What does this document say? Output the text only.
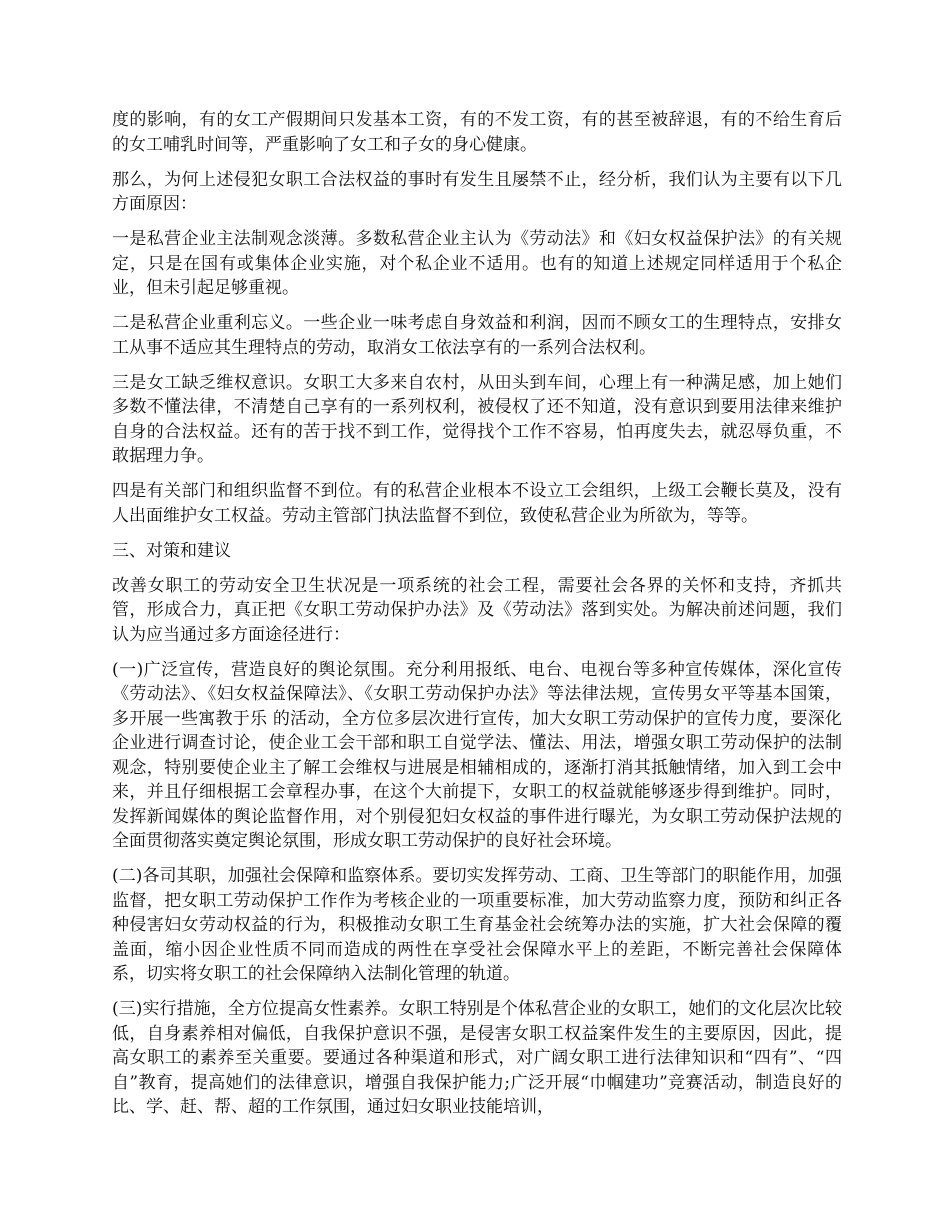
度的影响，有的女工产假期间只发基本工资，有的不发工资，有的甚至被辞退，有的不给生育后的女工哺乳时间等，严重影响了女工和子女的身心健康。

那么，为何上述侵犯女职工合法权益的事时有发生且屡禁不止，经分析，我们认为主要有以下几方面原因：

一是私营企业主法制观念淡薄。多数私营企业主认为《劳动法》和《妇女权益保护法》的有关规定，只是在国有或集体企业实施，对个私企业不适用。也有的知道上述规定同样适用于个私企业，但未引起足够重视。

二是私营企业重利忘义。一些企业一味考虑自身效益和利润，因而不顾女工的生理特点，安排女工从事不适应其生理特点的劳动，取消女工依法享有的一系列合法权利。

三是女工缺乏维权意识。女职工大多来自农村，从田头到车间，心理上有一种满足感，加上她们多数不懂法律，不清楚自己享有的一系列权利，被侵权了还不知道，没有意识到要用法律来维护自身的合法权益。还有的苦于找不到工作，觉得找个工作不容易，怕再度失去，就忍辱负重，不敢据理力争。

四是有关部门和组织监督不到位。有的私营企业根本不设立工会组织，上级工会鞭长莫及，没有人出面维护女工权益。劳动主管部门执法监督不到位，致使私营企业为所欲为，等等。

三、对策和建议

改善女职工的劳动安全卫生状况是一项系统的社会工程，需要社会各界的关怀和支持，齐抓共管，形成合力，真正把《女职工劳动保护办法》及《劳动法》落到实处。为解决前述问题，我们认为应当通过多方面途径进行：

(一)广泛宣传，营造良好的舆论氛围。充分利用报纸、电台、电视台等多种宣传媒体，深化宣传《劳动法》、《妇女权益保障法》、《女职工劳动保护办法》等法律法规，宣传男女平等基本国策，多开展一些寓教于乐 的活动，全方位多层次进行宣传，加大女职工劳动保护的宣传力度，要深化企业进行调查讨论，使企业工会干部和职工自觉学法、懂法、用法，增强女职工劳动保护的法制观念，特别要使企业主了解工会维权与进展是相辅相成的，逐渐打消其抵触情绪，加入到工会中来，并且仔细根据工会章程办事，在这个大前提下，女职工的权益就能够逐步得到维护。同时，发挥新闻媒体的舆论监督作用，对个别侵犯妇女权益的事件进行曝光，为女职工劳动保护法规的全面贯彻落实奠定舆论氛围，形成女职工劳动保护的良好社会环境。

(二)各司其职，加强社会保障和监察体系。要切实发挥劳动、工商、卫生等部门的职能作用，加强监督，把女职工劳动保护工作作为考核企业的一项重要标准，加大劳动监察力度，预防和纠正各种侵害妇女劳动权益的行为，积极推动女职工生育基金社会统筹办法的实施，扩大社会保障的覆盖面，缩小因企业性质不同而造成的两性在享受社会保障水平上的差距，不断完善社会保障体系，切实将女职工的社会保障纳入法制化管理的轨道。

(三)实行措施，全方位提高女性素养。女职工特别是个体私营企业的女职工，她们的文化层次比较低，自身素养相对偏低，自我保护意识不强，是侵害女职工权益案件发生的主要原因，因此，提高女职工的素养至关重要。要通过各种渠道和形式，对广阔女职工进行法律知识和“四有”、“四自”教育，提高她们的法律意识，增强自我保护能力;广泛开展“巾帼建功”竞赛活动，制造良好的比、学、赶、帮、超的工作氛围，通过妇女职业技能培训，
